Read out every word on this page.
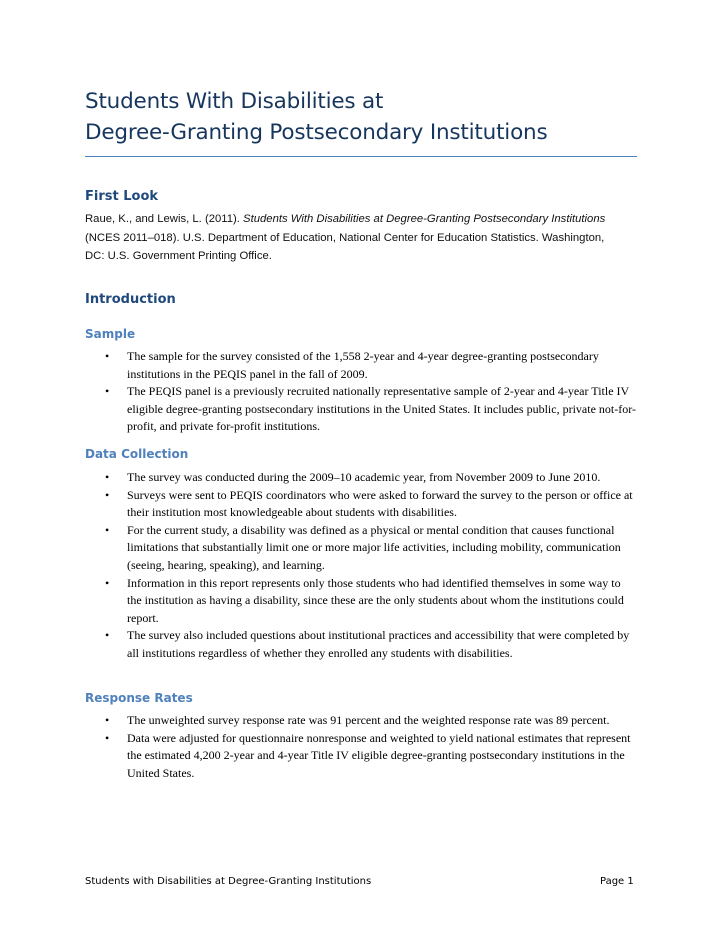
Students With Disabilities at
Degree-Granting Postsecondary Institutions
First Look
Raue, K., and Lewis, L. (2011). Students With Disabilities at Degree-Granting Postsecondary Institutions (NCES 2011–018). U.S. Department of Education, National Center for Education Statistics. Washington, DC: U.S. Government Printing Office.
Introduction
Sample
• The sample for the survey consisted of the 1,558 2-year and 4-year degree-granting postsecondary institutions in the PEQIS panel in the fall of 2009.
• The PEQIS panel is a previously recruited nationally representative sample of 2-year and 4-year Title IV eligible degree-granting postsecondary institutions in the United States. It includes public, private not-for-profit, and private for-profit institutions.
Data Collection
• The survey was conducted during the 2009–10 academic year, from November 2009 to June 2010.
• Surveys were sent to PEQIS coordinators who were asked to forward the survey to the person or office at their institution most knowledgeable about students with disabilities.
• For the current study, a disability was defined as a physical or mental condition that causes functional limitations that substantially limit one or more major life activities, including mobility, communication (seeing, hearing, speaking), and learning.
• Information in this report represents only those students who had identified themselves in some way to the institution as having a disability, since these are the only students about whom the institutions could report.
• The survey also included questions about institutional practices and accessibility that were completed by all institutions regardless of whether they enrolled any students with disabilities.
Response Rates
• The unweighted survey response rate was 91 percent and the weighted response rate was 89 percent.
• Data were adjusted for questionnaire nonresponse and weighted to yield national estimates that represent the estimated 4,200 2-year and 4-year Title IV eligible degree-granting postsecondary institutions in the United States.
Students with Disabilities at Degree-Granting Institutions	Page 1
